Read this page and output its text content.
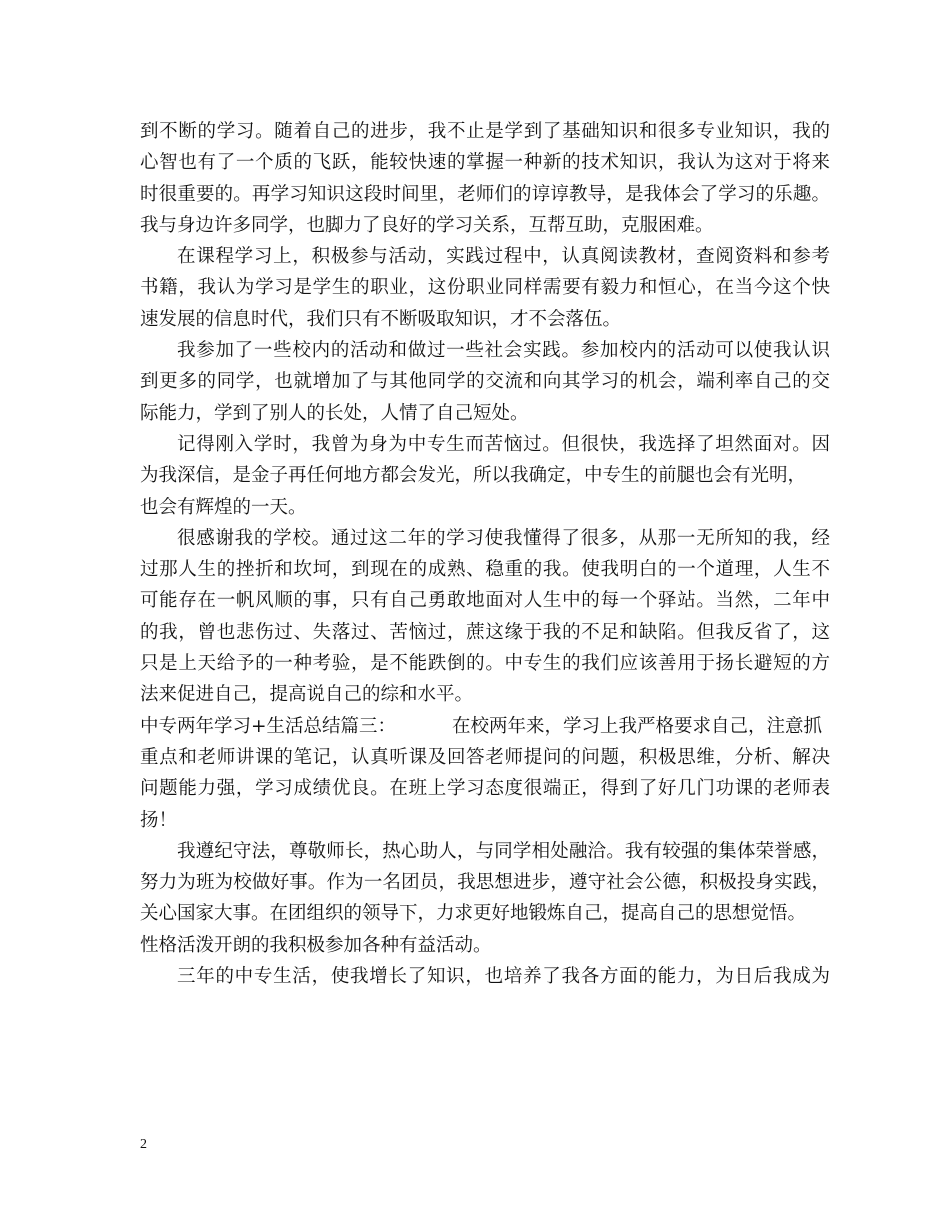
到不断的学习。随着自己的进步，我不止是学到了基础知识和很多专业知识，我的
心智也有了一个质的飞跃，能较快速的掌握一种新的技术知识，我认为这对于将来
时很重要的。再学习知识这段时间里，老师们的谆谆教导，是我体会了学习的乐趣。
我与身边许多同学，也脚力了良好的学习关系，互帮互助，克服困难。
在课程学习上，积极参与活动，实践过程中，认真阅读教材，查阅资料和参考
书籍，我认为学习是学生的职业，这份职业同样需要有毅力和恒心，在当今这个快
速发展的信息时代，我们只有不断吸取知识，才不会落伍。
我参加了一些校内的活动和做过一些社会实践。参加校内的活动可以使我认识
到更多的同学，也就增加了与其他同学的交流和向其学习的机会，端利率自己的交
际能力，学到了别人的长处，人情了自己短处。
记得刚入学时，我曾为身为中专生而苦恼过。但很快，我选择了坦然面对。因
为我深信，是金子再任何地方都会发光，所以我确定，中专生的前腿也会有光明，
也会有辉煌的一天。
很感谢我的学校。通过这二年的学习使我懂得了很多，从那一无所知的我，经
过那人生的挫折和坎坷，到现在的成熟、稳重的我。使我明白的一个道理，人生不
可能存在一帆风顺的事，只有自己勇敢地面对人生中的每一个驿站。当然，二年中
的我，曾也悲伤过、失落过、苦恼过，蔗这缘于我的不足和缺陷。但我反省了，这
只是上天给予的一种考验，是不能跌倒的。中专生的我们应该善用于扬长避短的方
法来促进自己，提高说自己的综和水平。
中专两年学习+生活总结篇三：	在校两年来，学习上我严格要求自己，注意抓
重点和老师讲课的笔记，认真听课及回答老师提问的问题，积极思维，分析、解决
问题能力强，学习成绩优良。在班上学习态度很端正，得到了好几门功课的老师表
扬！
我遵纪守法，尊敬师长，热心助人，与同学相处融洽。我有较强的集体荣誉感，
努力为班为校做好事。作为一名团员，我思想进步，遵守社会公德，积极投身实践，
关心国家大事。在团组织的领导下，力求更好地锻炼自己，提高自己的思想觉悟。
性格活泼开朗的我积极参加各种有益活动。
三年的中专生活，使我增长了知识，也培养了我各方面的能力，为日后我成为
2
